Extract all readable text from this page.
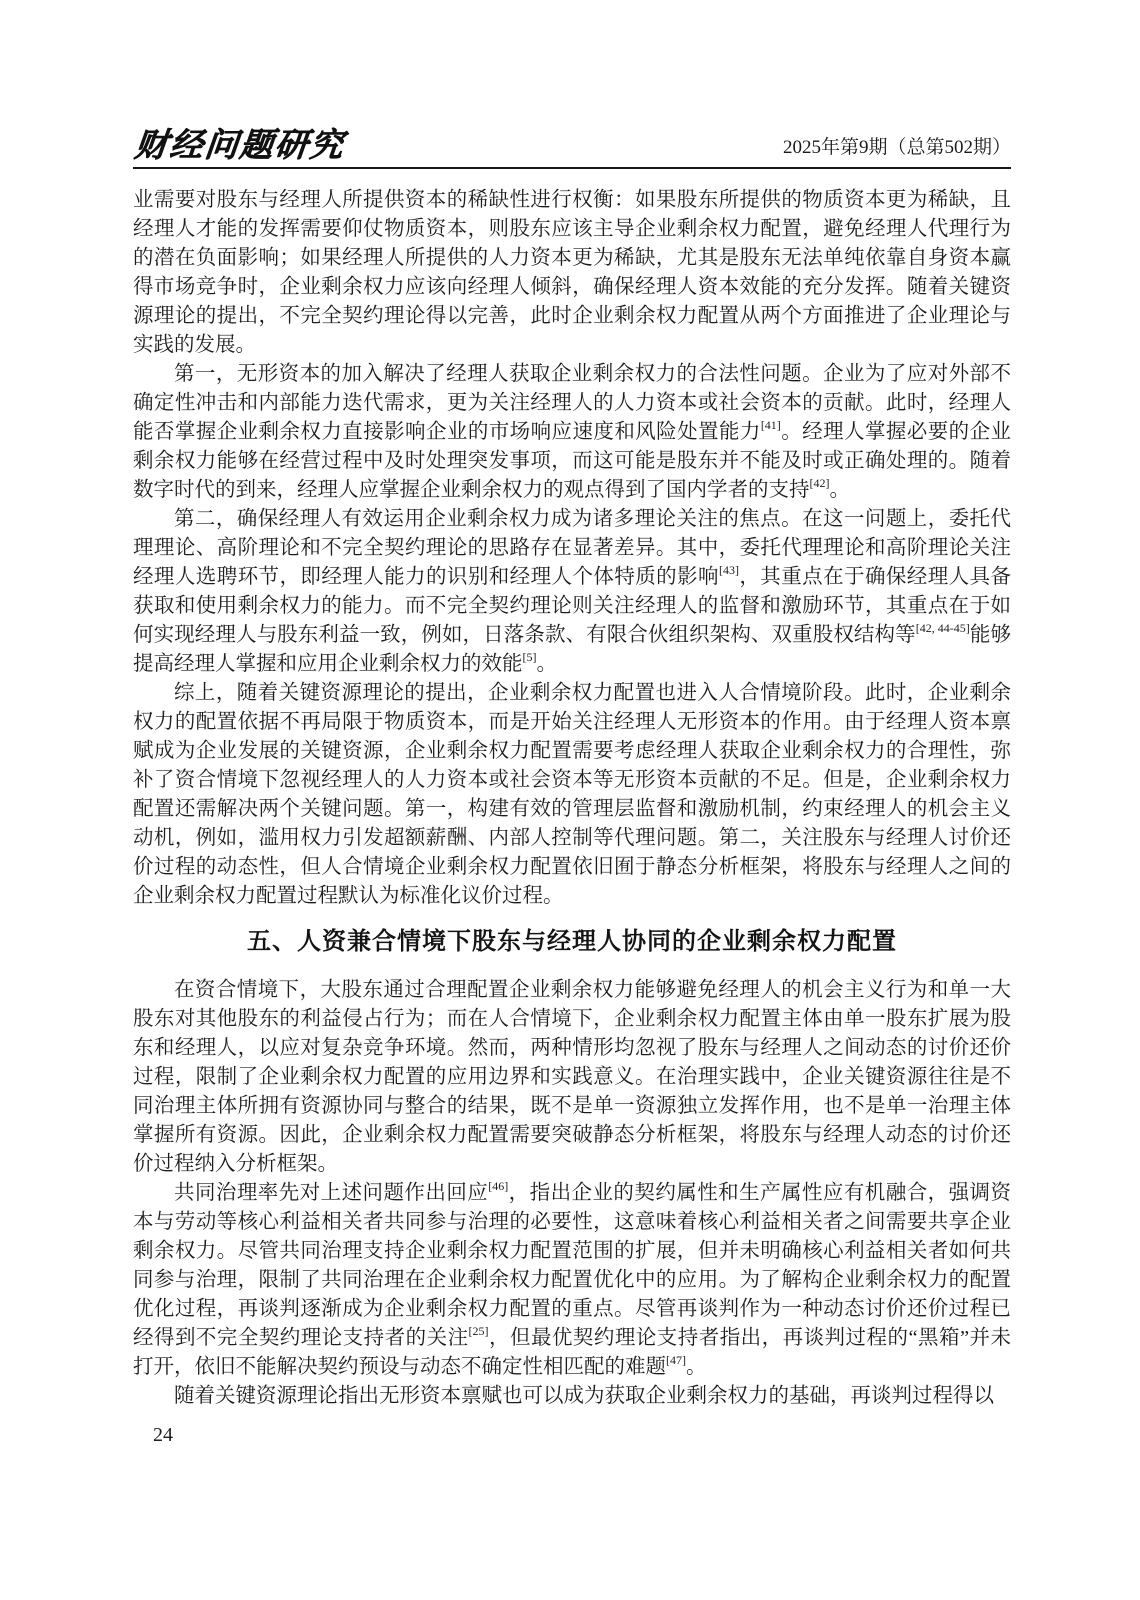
财经问题研究	2025年第9期（总第502期）

业需要对股东与经理人所提供资本的稀缺性进行权衡：如果股东所提供的物质资本更为稀缺，且经理人才能的发挥需要仰仗物质资本，则股东应该主导企业剩余权力配置，避免经理人代理行为的潜在负面影响；如果经理人所提供的人力资本更为稀缺，尤其是股东无法单纯依靠自身资本赢得市场竞争时，企业剩余权力应该向经理人倾斜，确保经理人资本效能的充分发挥。随着关键资源理论的提出，不完全契约理论得以完善，此时企业剩余权力配置从两个方面推进了企业理论与实践的发展。

第一，无形资本的加入解决了经理人获取企业剩余权力的合法性问题。企业为了应对外部不确定性冲击和内部能力迭代需求，更为关注经理人的人力资本或社会资本的贡献。此时，经理人能否掌握企业剩余权力直接影响企业的市场响应速度和风险处置能力[41]。经理人掌握必要的企业剩余权力能够在经营过程中及时处理突发事项，而这可能是股东并不能及时或正确处理的。随着数字时代的到来，经理人应掌握企业剩余权力的观点得到了国内学者的支持[42]。

第二，确保经理人有效运用企业剩余权力成为诸多理论关注的焦点。在这一问题上，委托代理理论、高阶理论和不完全契约理论的思路存在显著差异。其中，委托代理理论和高阶理论关注经理人选聘环节，即经理人能力的识别和经理人个体特质的影响[43]，其重点在于确保经理人具备获取和使用剩余权力的能力。而不完全契约理论则关注经理人的监督和激励环节，其重点在于如何实现经理人与股东利益一致，例如，日落条款、有限合伙组织架构、双重股权结构等[42, 44-45]能够提高经理人掌握和应用企业剩余权力的效能[5]。

综上，随着关键资源理论的提出，企业剩余权力配置也进入人合情境阶段。此时，企业剩余权力的配置依据不再局限于物质资本，而是开始关注经理人无形资本的作用。由于经理人资本禀赋成为企业发展的关键资源，企业剩余权力配置需要考虑经理人获取企业剩余权力的合理性，弥补了资合情境下忽视经理人的人力资本或社会资本等无形资本贡献的不足。但是，企业剩余权力配置还需解决两个关键问题。第一，构建有效的管理层监督和激励机制，约束经理人的机会主义动机，例如，滥用权力引发超额薪酬、内部人控制等代理问题。第二，关注股东与经理人讨价还价过程的动态性，但人合情境企业剩余权力配置依旧囿于静态分析框架，将股东与经理人之间的企业剩余权力配置过程默认为标准化议价过程。

五、人资兼合情境下股东与经理人协同的企业剩余权力配置

在资合情境下，大股东通过合理配置企业剩余权力能够避免经理人的机会主义行为和单一大股东对其他股东的利益侵占行为；而在人合情境下，企业剩余权力配置主体由单一股东扩展为股东和经理人，以应对复杂竞争环境。然而，两种情形均忽视了股东与经理人之间动态的讨价还价过程，限制了企业剩余权力配置的应用边界和实践意义。在治理实践中，企业关键资源往往是不同治理主体所拥有资源协同与整合的结果，既不是单一资源独立发挥作用，也不是单一治理主体掌握所有资源。因此，企业剩余权力配置需要突破静态分析框架，将股东与经理人动态的讨价还价过程纳入分析框架。

共同治理率先对上述问题作出回应[46]，指出企业的契约属性和生产属性应有机融合，强调资本与劳动等核心利益相关者共同参与治理的必要性，这意味着核心利益相关者之间需要共享企业剩余权力。尽管共同治理支持企业剩余权力配置范围的扩展，但并未明确核心利益相关者如何共同参与治理，限制了共同治理在企业剩余权力配置优化中的应用。为了解构企业剩余权力的配置优化过程，再谈判逐渐成为企业剩余权力配置的重点。尽管再谈判作为一种动态讨价还价过程已经得到不完全契约理论支持者的关注[25]，但最优契约理论支持者指出，再谈判过程的“黑箱”并未打开，依旧不能解决契约预设与动态不确定性相匹配的难题[47]。

随着关键资源理论指出无形资本禀赋也可以成为获取企业剩余权力的基础，再谈判过程得以

24
